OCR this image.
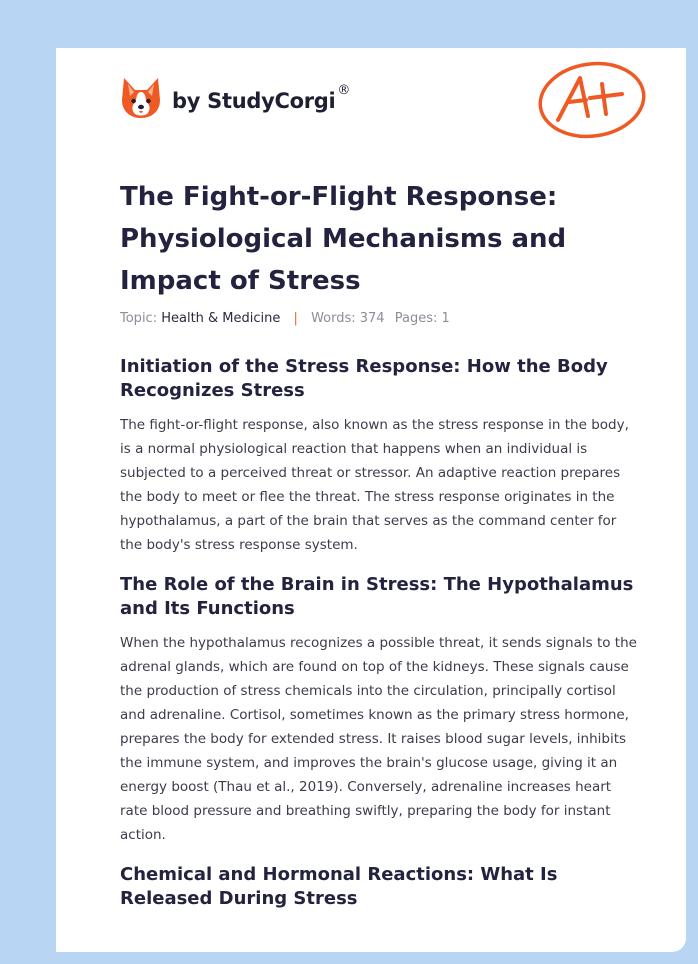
by StudyCorgi ®
The Fight-or-Flight Response: Physiological Mechanisms and Impact of Stress
Topic: Health & Medicine | Words: 374 Pages: 1
Initiation of the Stress Response: How the Body Recognizes Stress

The fight-or-flight response, also known as the stress response in the body, is a normal physiological reaction that happens when an individual is subjected to a perceived threat or stressor. An adaptive reaction prepares the body to meet or flee the threat. The stress response originates in the hypothalamus, a part of the brain that serves as the command center for the body's stress response system.

The Role of the Brain in Stress: The Hypothalamus and Its Functions

When the hypothalamus recognizes a possible threat, it sends signals to the adrenal glands, which are found on top of the kidneys. These signals cause the production of stress chemicals into the circulation, principally cortisol and adrenaline. Cortisol, sometimes known as the primary stress hormone, prepares the body for extended stress. It raises blood sugar levels, inhibits the immune system, and improves the brain's glucose usage, giving it an energy boost (Thau et al., 2019). Conversely, adrenaline increases heart rate blood pressure and breathing swiftly, preparing the body for instant action.

Chemical and Hormonal Reactions: What Is Released During Stress
